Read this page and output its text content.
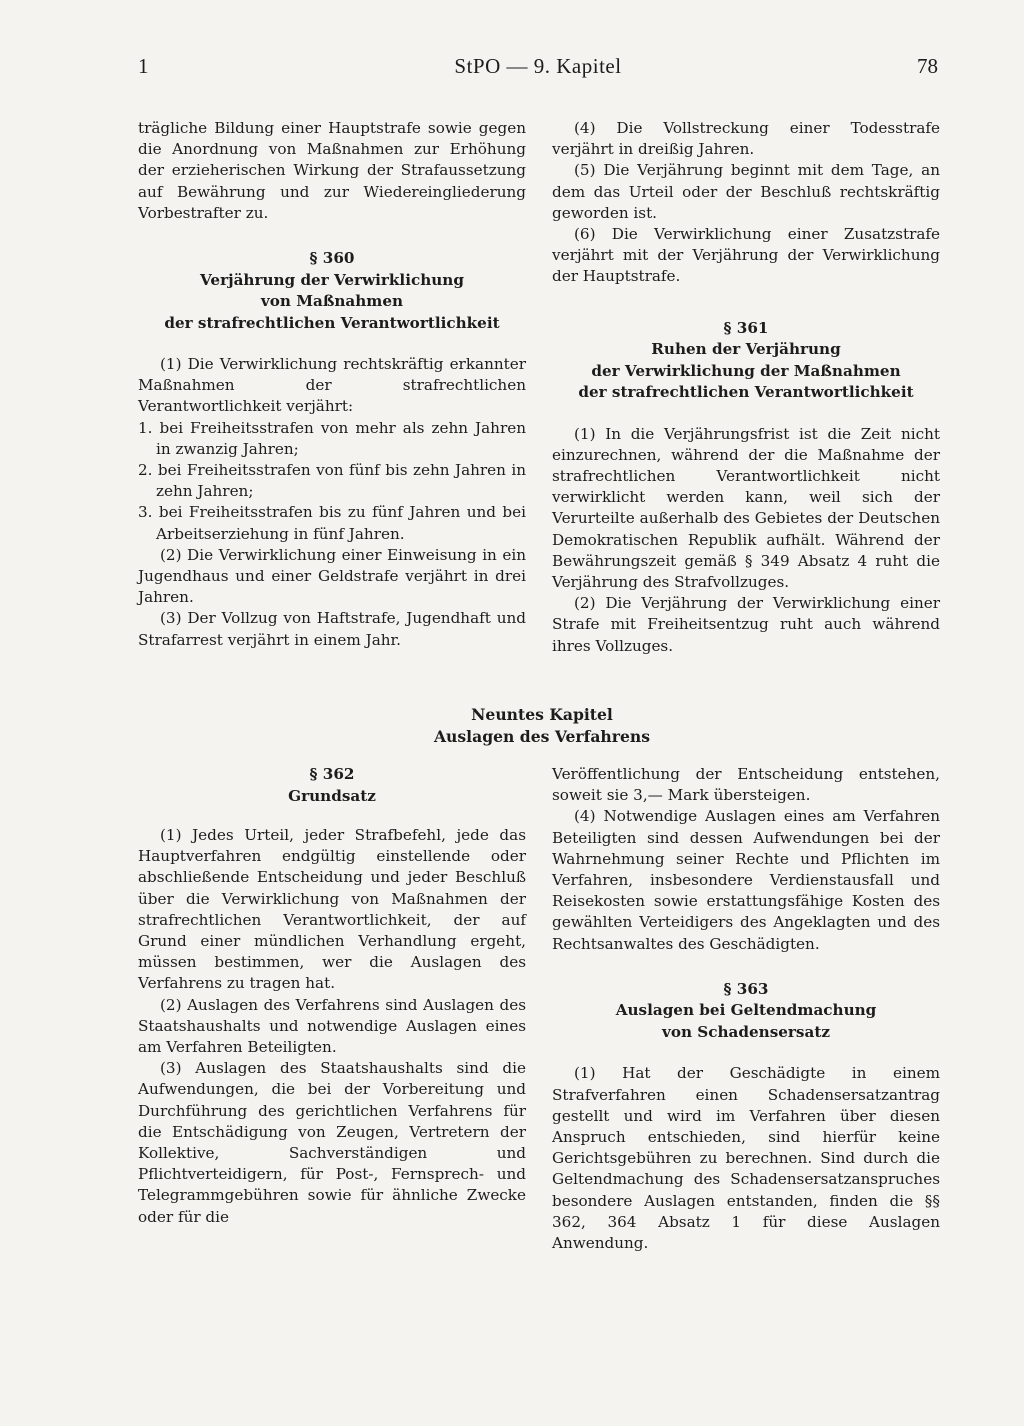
1	StPO — 9. Kapitel	78

trägliche Bildung einer Hauptstrafe sowie gegen die Anordnung von Maßnahmen zur Erhöhung der erzieherischen Wirkung der Strafaussetzung auf Bewährung und zur Wiedereingliederung Vorbestrafter zu.

§ 360
Verjährung der Verwirklichung
von Maßnahmen
der strafrechtlichen Verantwortlichkeit

(1) Die Verwirklichung rechtskräftig erkannter Maßnahmen der strafrechtlichen Verantwortlichkeit verjährt:

1. bei Freiheitsstrafen von mehr als zehn Jahren in zwanzig Jahren;
2. bei Freiheitsstrafen von fünf bis zehn Jahren in zehn Jahren;
3. bei Freiheitsstrafen bis zu fünf Jahren und bei Arbeitserziehung in fünf Jahren.

(2) Die Verwirklichung einer Einweisung in ein Jugendhaus und einer Geldstrafe verjährt in drei Jahren.

(3) Der Vollzug von Haftstrafe, Jugendhaft und Strafarrest verjährt in einem Jahr.

(4) Die Vollstreckung einer Todesstrafe verjährt in dreißig Jahren.

(5) Die Verjährung beginnt mit dem Tage, an dem das Urteil oder der Beschluß rechtskräftig geworden ist.

(6) Die Verwirklichung einer Zusatzstrafe verjährt mit der Verjährung der Verwirklichung der Hauptstrafe.

§ 361
Ruhen der Verjährung
der Verwirklichung der Maßnahmen
der strafrechtlichen Verantwortlichkeit

(1) In die Verjährungsfrist ist die Zeit nicht einzurechnen, während der die Maßnahme der strafrechtlichen Verantwortlichkeit nicht verwirklicht werden kann, weil sich der Verurteilte außerhalb des Gebietes der Deutschen Demokratischen Republik aufhält. Während der Bewährungszeit gemäß § 349 Absatz 4 ruht die Verjährung des Strafvollzuges.

(2) Die Verjährung der Verwirklichung einer Strafe mit Freiheitsentzug ruht auch während ihres Vollzuges.

Neuntes Kapitel
Auslagen des Verfahrens
§ 362
Grundsatz

(1) Jedes Urteil, jeder Strafbefehl, jede das Hauptverfahren endgültig einstellende oder abschließende Entscheidung und jeder Beschluß über die Verwirklichung von Maßnahmen der strafrechtlichen Verantwortlichkeit, der auf Grund einer mündlichen Verhandlung ergeht, müssen bestimmen, wer die Auslagen des Verfahrens zu tragen hat.

(2) Auslagen des Verfahrens sind Auslagen des Staatshaushalts und notwendige Auslagen eines am Verfahren Beteiligten.

(3) Auslagen des Staatshaushalts sind die Aufwendungen, die bei der Vorbereitung und Durchführung des gerichtlichen Verfahrens für die Entschädigung von Zeugen, Vertretern der Kollektive, Sachverständigen und Pflichtverteidigern, für Post-, Fernsprech- und Telegrammgebühren sowie für ähnliche Zwecke oder für die

Veröffentlichung der Entscheidung entstehen, soweit sie 3,— Mark übersteigen.

(4) Notwendige Auslagen eines am Verfahren Beteiligten sind dessen Aufwendungen bei der Wahrnehmung seiner Rechte und Pflichten im Verfahren, insbesondere Verdienstausfall und Reisekosten sowie erstattungsfähige Kosten des gewählten Verteidigers des Angeklagten und des Rechtsanwaltes des Geschädigten.

§ 363
Auslagen bei Geltendmachung
von Schadensersatz

(1) Hat der Geschädigte in einem Strafverfahren einen Schadensersatzantrag gestellt und wird im Verfahren über diesen Anspruch entschieden, sind hierfür keine Gerichtsgebühren zu berechnen. Sind durch die Geltendmachung des Schadensersatzanspruches besondere Auslagen entstanden, finden die §§ 362, 364 Absatz 1 für diese Auslagen Anwendung.
